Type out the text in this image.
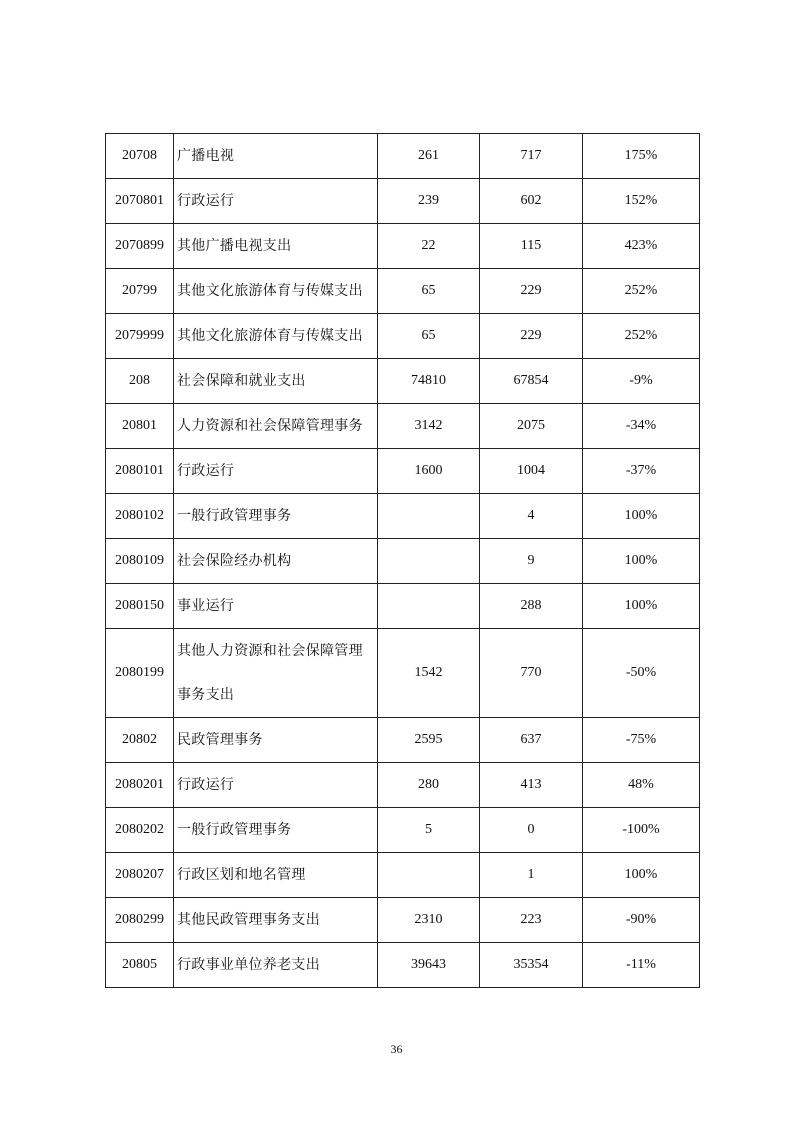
20708	广播电视	261	717	175%
2070801	行政运行	239	602	152%
2070899	其他广播电视支出	22	115	423%
20799	其他文化旅游体育与传媒支出	65	229	252%
2079999	其他文化旅游体育与传媒支出	65	229	252%
208	社会保障和就业支出	74810	67854	-9%
20801	人力资源和社会保障管理事务	3142	2075	-34%
2080101	行政运行	1600	1004	-37%
2080102	一般行政管理事务		4	100%
2080109	社会保险经办机构		9	100%
2080150	事业运行		288	100%
2080199	其他人力资源和社会保障管理事务支出	1542	770	-50%
20802	民政管理事务	2595	637	-75%
2080201	行政运行	280	413	48%
2080202	一般行政管理事务	5	0	-100%
2080207	行政区划和地名管理		1	100%
2080299	其他民政管理事务支出	2310	223	-90%
20805	行政事业单位养老支出	39643	35354	-11%
36
